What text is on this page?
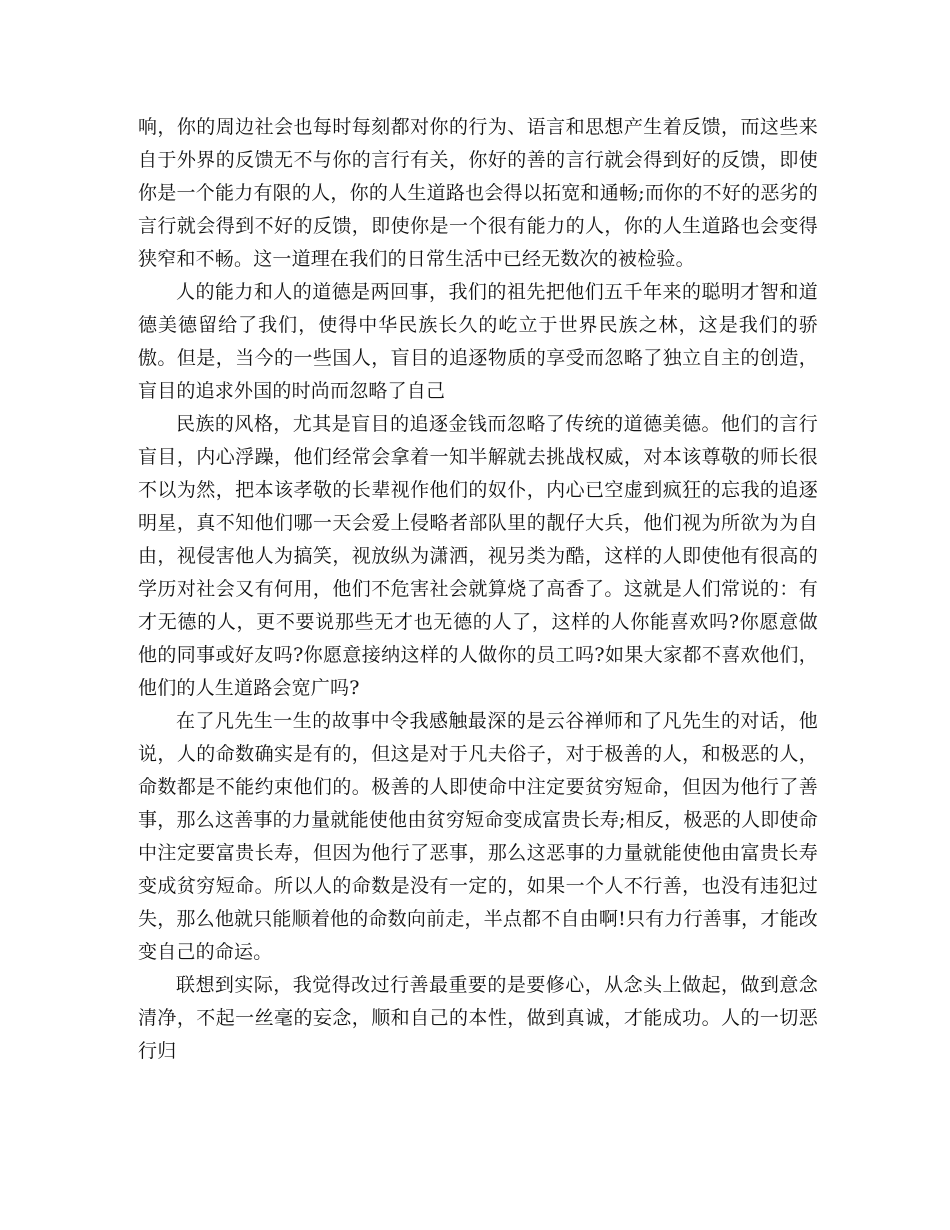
响，你的周边社会也每时每刻都对你的行为、语言和思想产生着反馈，而这些来自于外界的反馈无不与你的言行有关，你好的善的言行就会得到好的反馈，即使你是一个能力有限的人，你的人生道路也会得以拓宽和通畅;而你的不好的恶劣的言行就会得到不好的反馈，即使你是一个很有能力的人，你的人生道路也会变得狭窄和不畅。这一道理在我们的日常生活中已经无数次的被检验。

人的能力和人的道德是两回事，我们的祖先把他们五千年来的聪明才智和道德美德留给了我们，使得中华民族长久的屹立于世界民族之林，这是我们的骄傲。但是，当今的一些国人，盲目的追逐物质的享受而忽略了独立自主的创造，盲目的追求外国的时尚而忽略了自己

民族的风格，尤其是盲目的追逐金钱而忽略了传统的道德美德。他们的言行盲目，内心浮躁，他们经常会拿着一知半解就去挑战权威，对本该尊敬的师长很不以为然，把本该孝敬的长辈视作他们的奴仆，内心已空虚到疯狂的忘我的追逐明星，真不知他们哪一天会爱上侵略者部队里的靓仔大兵，他们视为所欲为为自由，视侵害他人为搞笑，视放纵为潇洒，视另类为酷，这样的人即使他有很高的学历对社会又有何用，他们不危害社会就算烧了高香了。这就是人们常说的：有才无德的人，更不要说那些无才也无德的人了，这样的人你能喜欢吗?你愿意做他的同事或好友吗?你愿意接纳这样的人做你的员工吗?如果大家都不喜欢他们，他们的人生道路会宽广吗?

在了凡先生一生的故事中令我感触最深的是云谷禅师和了凡先生的对话，他说，人的命数确实是有的，但这是对于凡夫俗子，对于极善的人，和极恶的人，命数都是不能约束他们的。极善的人即使命中注定要贫穷短命，但因为他行了善事，那么这善事的力量就能使他由贫穷短命变成富贵长寿;相反，极恶的人即使命中注定要富贵长寿，但因为他行了恶事，那么这恶事的力量就能使他由富贵长寿变成贫穷短命。所以人的命数是没有一定的，如果一个人不行善，也没有违犯过失，那么他就只能顺着他的命数向前走，半点都不自由啊!只有力行善事，才能改变自己的命运。

联想到实际，我觉得改过行善最重要的是要修心，从念头上做起，做到意念清净，不起一丝毫的妄念，顺和自己的本性，做到真诚，才能成功。人的一切恶行归
